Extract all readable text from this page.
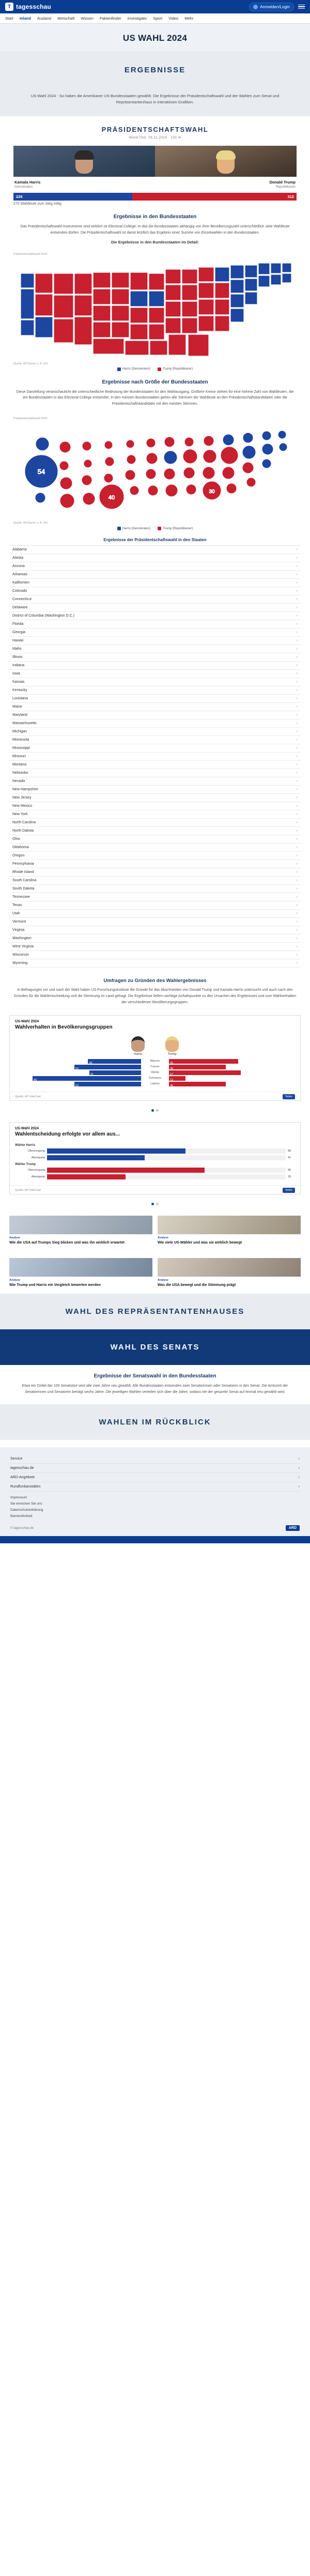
T tagesschau	Anmelden/Login
Start Inland Ausland Wirtschaft Wissen Faktenfinder Investigativ Sport Video Mehr
US WAHL 2024
ERGEBNISSE
US-Wahl 2024 - So haben die Amerikaner US-Bundesstaaten gewählt. Die Ergebnisse der Präsidentschaftswahl und der Wahlen zum Senat und Repräsentantenhaus in interaktiven Grafiken.
PRÄSIDENTSCHAFTSWAHL
WAHLTAG: 05.11.2024 · 100 %
Kamala Harris
Demokraten
Donald Trump
Republikaner
226	312
270 Wahlleute zum Sieg nötig
Ergebnisse in den Bundesstaaten

Das Präsidentschaftswahl-Instrumente sind wirklich ist Electoral College. In das die Bundesstaaten abhängig von ihrer Bevölkerungszahl unterschiedlich viele Wahlleute entsenden dürfen. Die Präsidentschaftswahl ist damit letztlich das Ergebnis einer Summe von Einzelwahlen in den Bundesstaaten.

Die Ergebnisse in den Bundesstaaten im Detail:
Präsidentschaftswahl 2024
Quelle: AP/Stand: o. A. Uhr
Harris (Demokraten)	Trump (Republikaner)
Ergebnisse nach Größe der Bundesstaaten

Diese Darstellung veranschaulicht die unterschiedliche Bedeutung der Bundesstaaten für den Wahlausgang. Größere Kreise stehen für eine höhere Zahl von Wahlleuten, die ein Bundesstaaten in das Electoral College entsendet. In den meisten Bundesstaaten gehen alle Stimmen der Wahlleute an den Präsidentschaftskandidaten oder die Präsidentschaftskandidatin mit den meisten Stimmen.

Präsidentschaftswahl 2024
54
40
30
Quelle: AP/Stand: o. A. Uhr
Harris (Demokraten)	Trump (Republikaner)
Ergebnisse der Präsidentschaftswahl in den Staaten
Alabama	›
Alaska	›
Arizona	›
Arkansas	›
Kalifornien	›
Colorado	›
Connecticut	›
Delaware	›
District of Columbia (Washington D.C.)	›
Florida	›
Georgia	›
Hawaii	›
Idaho	›
Illinois	›
Indiana	›
Iowa	›
Kansas	›
Kentucky	›
Louisiana	›
Maine	›
Maryland	›
Massachusetts	›
Michigan	›
Minnesota	›
Mississippi	›
Missouri	›
Montana	›
Nebraska	›
Nevada	›
New Hampshire	›
New Jersey	›
New Mexico	›
New York	›
North Carolina	›
North Dakota	›
Ohio	›
Oklahoma	›
Oregon	›
Pennsylvania	›
Rhode Island	›
South Carolina	›
South Dakota	›
Tennessee	›
Texas	›
Utah	›
Vermont	›
Virginia	›
Washington	›
West Virginia	›
Wisconsin	›
Wyoming	›
Umfragen zu Gründen des Wahlergebnisses

In Befragungen vor und nach der Wahl haben US-Forschungsinstitute die Gründe für das Abschneiden von Donald Trump und Kamala Harris untersucht und auch nach den Gründen für die Wahlentscheidung und die Stimmung im Land gefragt. Die Ergebnisse liefern wichtige Anhaltspunkte zu den Ursachen des Ergebnisses und zum Wahlverhalten der verschiedenen Bevölkerungsgruppen.

US-Wahl 2024
Wahlverhalten in Bevölkerungsgruppen
Harris	Trump
42
Männer
55
53
Frauen
45
41
Weiße
57
86
Schwarze
13
53
Latinos
45
Quelle: AP VoteCast	Teilen
US-Wahl 2024
Wahlentscheidung erfolgte vor allem aus...
Wähler Harris
Überzeugung	58
Abneigung	41
Wähler Trump
Überzeugung	66
Abneigung	33
Quelle: AP VoteCast	Teilen
Analyse
Wie die USA auf Trumps Sieg blicken und was ihn wirklich erwartet
Analyse
Wie viele US-Wähler und was sie wirklich bewegt
Analyse
Wie Trump und Harris ein Vergleich bewerten werden
Analyse
Was die USA bewegt und die Stimmung prägt
WAHL DES REPRÄSENTANTENHAUSES
WAHL DES SENATS
Ergebnisse der Senatswahl in den Bundesstaaten

Etwa ein Drittel der 100 Senatsitze wird alle zwei Jahre neu gewählt. Alle Bundesstaaten entsenden zwei Senatorinnen oder Senatoren in den Senat. Die Amtszeit der Senatorinnen und Senatoren beträgt sechs Jahre. Die jeweiligen Wahlen verteilen sich über die Jahre, sodass nie der gesamte Senat auf einmal neu gewählt wird.

WAHLEN IM RÜCKBLICK
Service	›
tagesschau.de	›
ARD-Angebote	›
Rundfunkanstalten	›
Impressum
Sie erreichen Sie uns
Datenschutzerklärung
Barrierefreiheit
© tagesschau.de	ARD
